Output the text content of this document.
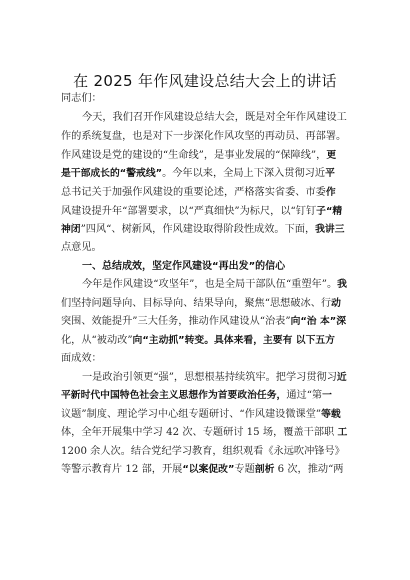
在 2025 年作风建设总结大会上的讲话
同志们：
今天，我们召开作风建设总结大会，既是对全年作风建设工
作的系统复盘，也是对下一步深化作风攻坚的再动员、再部署。
作风建设是党的建设的“生命线”，是事业发展的“保障线”，更
是干部成长的“警戒线”。今年以来，全局上下深入贯彻习近平
总书记关于加强作风建设的重要论述，严格落实省委、市委作
风建设提升年“部署要求，以“严真细快”为标尺，以“钉钉子“精
神闭”四风“、树新风，作风建设取得阶段性成效。下面，我讲三
点意见。
一、总结成效，坚定作风建设“再出发”的信心
今年是作风建设“攻坚年”，也是全局干部队伍“重塑年”。我
们坚持问题导向、目标导向、结果导向，聚焦“思想破冰、行动
突围、效能提升”三大任务，推动作风建设从“治表”向“治 本”深
化，从“被动改”向“主动抓”转变。具体来看，主要有 以下五方
面成效：
一是政治引领更“强”，思想根基持续筑牢。把学习贯彻习近
平新时代中国特色社会主义思想作为首要政治任务，通过“第一
议题”制度、理论学习中心组专题研讨、“作风建设微课堂”等载
体，全年开展集中学习 42 次、专题研讨 15 场，覆盖干部职 工
1200 余人次。结合党纪学习教育，组织观看《永远吹冲锋号》
等警示教育片 12 部，开展“以案促改”专题剖析 6 次，推动“两
